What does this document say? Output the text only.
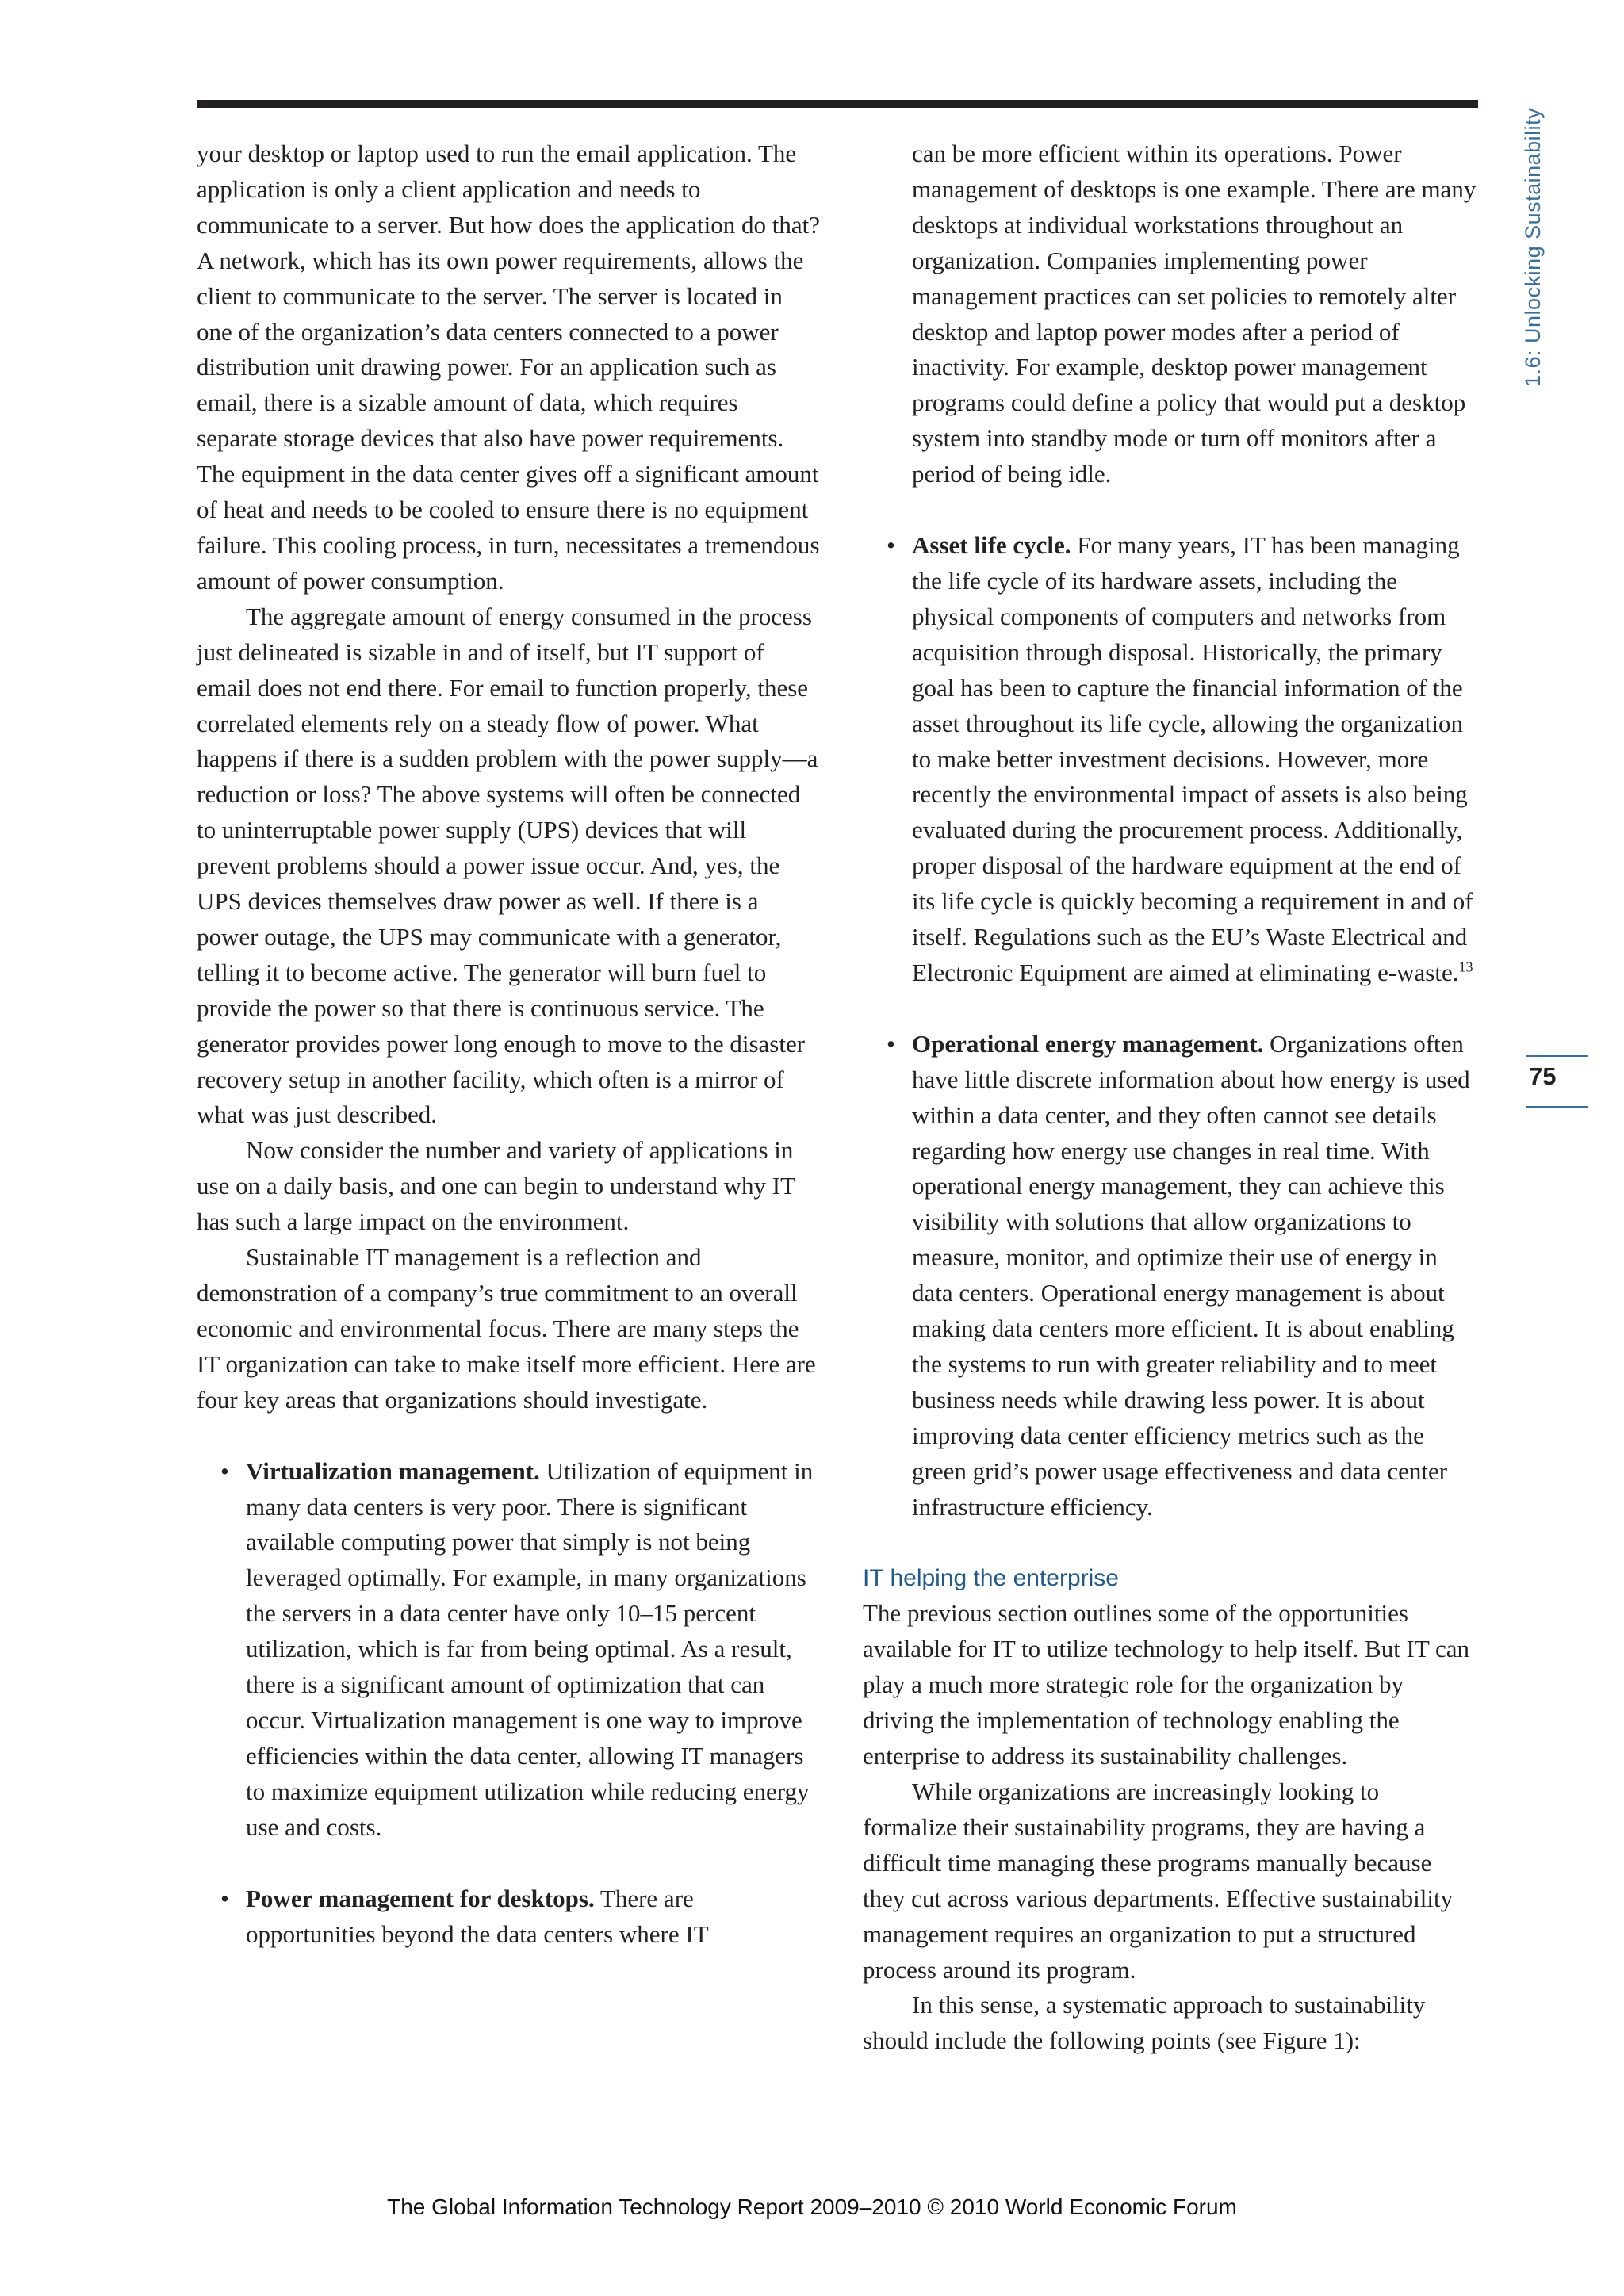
1.6: Unlocking Sustainability
75

your desktop or laptop used to run the email application. The application is only a client application and needs to communicate to a server. But how does the application do that? A network, which has its own power requirements, allows the client to communicate to the server. The server is located in one of the organization’s data centers connected to a power distribution unit drawing power. For an application such as email, there is a sizable amount of data, which requires separate storage devices that also have power requirements. The equipment in the data center gives off a significant amount of heat and needs to be cooled to ensure there is no equipment failure. This cooling process, in turn, necessitates a tremendous amount of power consumption.

The aggregate amount of energy consumed in the process just delineated is sizable in and of itself, but IT support of email does not end there. For email to function properly, these correlated elements rely on a steady flow of power. What happens if there is a sudden problem with the power supply—a reduction or loss? The above systems will often be connected to uninterruptable power supply (UPS) devices that will prevent problems should a power issue occur. And, yes, the UPS devices themselves draw power as well. If there is a power outage, the UPS may communicate with a generator, telling it to become active. The generator will burn fuel to provide the power so that there is continuous service. The generator provides power long enough to move to the disaster recovery setup in another facility, which often is a mirror of what was just described.

Now consider the number and variety of applications in use on a daily basis, and one can begin to understand why IT has such a large impact on the environment.

Sustainable IT management is a reflection and demonstration of a company’s true commitment to an overall economic and environmental focus. There are many steps the IT organization can take to make itself more efficient. Here are four key areas that organizations should investigate.

• Virtualization management. Utilization of equipment in many data centers is very poor. There is significant available computing power that simply is not being leveraged optimally. For example, in many organizations the servers in a data center have only 10–15 percent utilization, which is far from being optimal. As a result, there is a significant amount of optimization that can occur. Virtualization management is one way to improve efficiencies within the data center, allowing IT managers to maximize equipment utilization while reducing energy use and costs.
• Power management for desktops. There are opportunities beyond the data centers where IT

can be more efficient within its operations. Power management of desktops is one example. There are many desktops at individual workstations throughout an organization. Companies implementing power management practices can set policies to remotely alter desktop and laptop power modes after a period of inactivity. For example, desktop power management programs could define a policy that would put a desktop system into standby mode or turn off monitors after a period of being idle.

• Asset life cycle. For many years, IT has been managing the life cycle of its hardware assets, including the physical components of computers and networks from acquisition through disposal. Historically, the primary goal has been to capture the financial information of the asset throughout its life cycle, allowing the organization to make better investment decisions. However, more recently the environmental impact of assets is also being evaluated during the procurement process. Additionally, proper disposal of the hardware equipment at the end of its life cycle is quickly becoming a requirement in and of itself. Regulations such as the EU’s Waste Electrical and Electronic Equipment are aimed at eliminating e-waste.$^{13}$
• Operational energy management. Organizations often have little discrete information about how energy is used within a data center, and they often cannot see details regarding how energy use changes in real time. With operational energy management, they can achieve this visibility with solutions that allow organizations to measure, monitor, and optimize their use of energy in data centers. Operational energy management is about making data centers more efficient. It is about enabling the systems to run with greater reliability and to meet business needs while drawing less power. It is about improving data center efficiency metrics such as the green grid’s power usage effectiveness and data center infrastructure efficiency.
IT helping the enterprise

The previous section outlines some of the opportunities available for IT to utilize technology to help itself. But IT can play a much more strategic role for the organization by driving the implementation of technology enabling the enterprise to address its sustainability challenges.

While organizations are increasingly looking to formalize their sustainability programs, they are having a difficult time managing these programs manually because they cut across various departments. Effective sustainability management requires an organization to put a structured process around its program.

In this sense, a systematic approach to sustainability should include the following points (see Figure 1):

The Global Information Technology Report 2009–2010 © 2010 World Economic Forum
